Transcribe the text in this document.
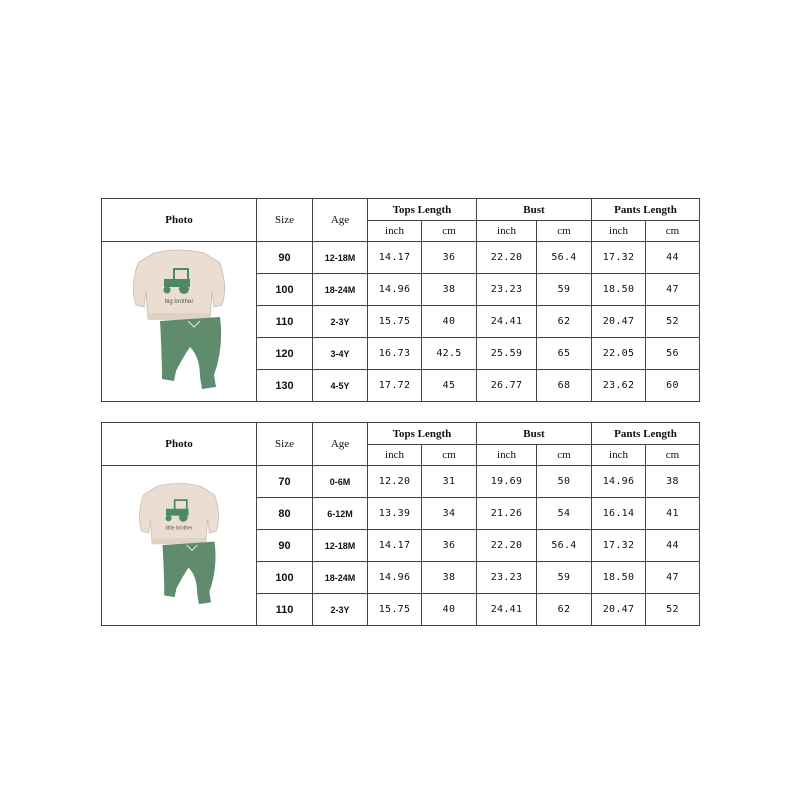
Photo	Size	Age	Tops Length		Bust		Pants Length	
			inch	cm	inch	cm	inch	cm

big brother	90	12-18M	14.17	36	22.20	56.4	17.32	44
	100	18-24M	14.96	38	23.23	59	18.50	47
	110	2-3Y	15.75	40	24.41	62	20.47	52
	120	3-4Y	16.73	42.5	25.59	65	22.05	56
	130	4-5Y	17.72	45	26.77	68	23.62	60
Photo	Size	Age	Tops Length		Bust		Pants Length	
			inch	cm	inch	cm	inch	cm

little brother	70	0-6M	12.20	31	19.69	50	14.96	38
	80	6-12M	13.39	34	21.26	54	16.14	41
	90	12-18M	14.17	36	22.20	56.4	17.32	44
	100	18-24M	14.96	38	23.23	59	18.50	47
	110	2-3Y	15.75	40	24.41	62	20.47	52
